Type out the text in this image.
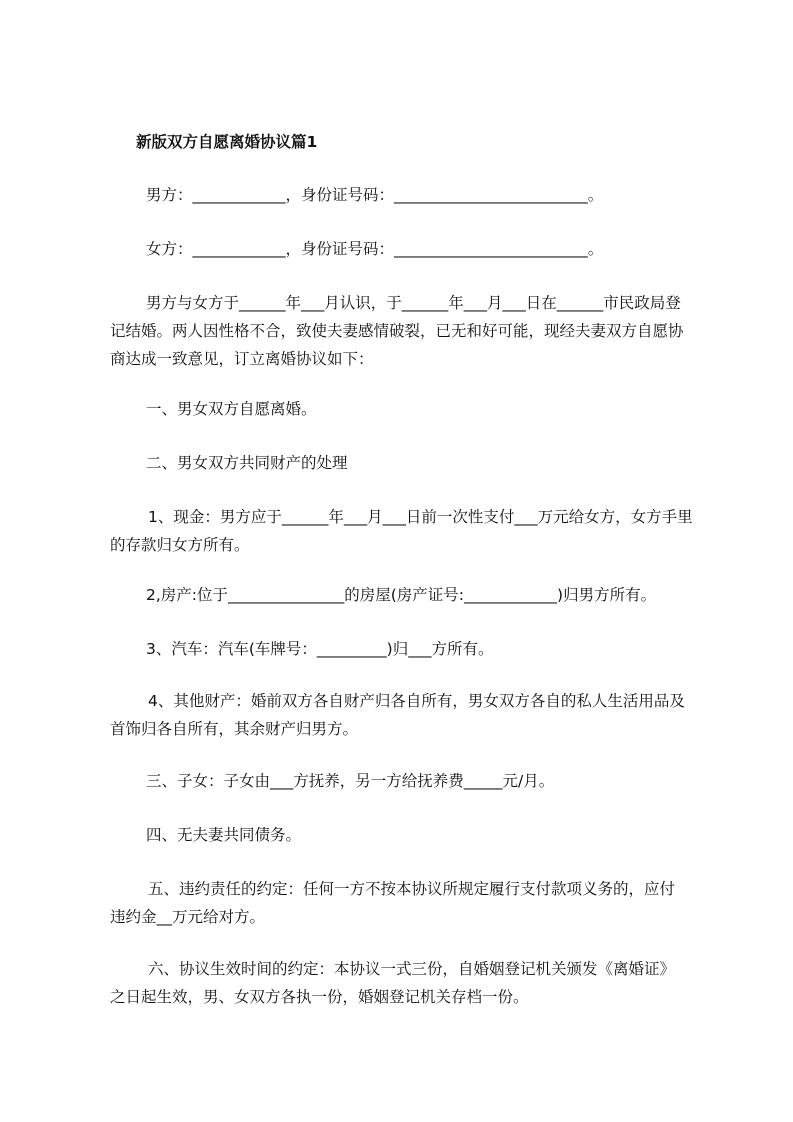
新版双方自愿离婚协议篇1

男方：____________，身份证号码：_________________________。

女方：____________，身份证号码：_________________________。

男方与女方于______年___月认识，于______年___月___日在______市民政局登

记结婚。两人因性格不合，致使夫妻感情破裂，已无和好可能，现经夫妻双方自愿协

商达成一致意见，订立离婚协议如下：

一、男女双方自愿离婚。

二、男女双方共同财产的处理

1、现金：男方应于______年___月___日前一次性支付___万元给女方，女方手里

的存款归女方所有。

2,房产:位于_______________的房屋(房产证号:____________)归男方所有。

3、汽车：汽车(车牌号：_________)归___方所有。

4、其他财产：婚前双方各自财产归各自所有，男女双方各自的私人生活用品及

首饰归各自所有，其余财产归男方。

三、子女：子女由___方抚养，另一方给抚养费_____元/月。

四、无夫妻共同债务。

五、违约责任的约定：任何一方不按本协议所规定履行支付款项义务的，应付

违约金__万元给对方。

六、协议生效时间的约定：本协议一式三份，自婚姻登记机关颁发《离婚证》

之日起生效，男、女双方各执一份，婚姻登记机关存档一份。
